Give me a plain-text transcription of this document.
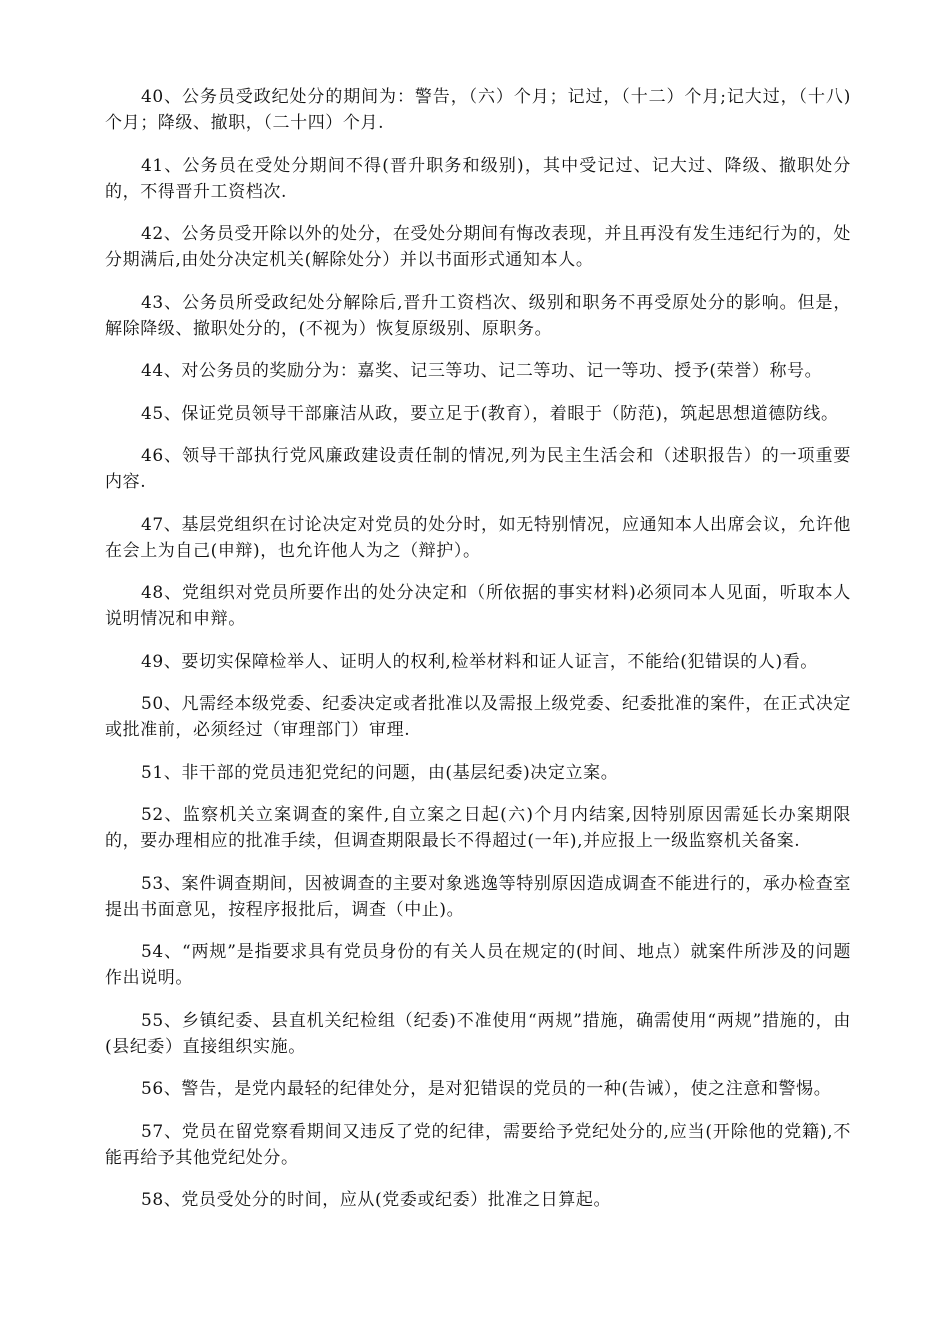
40、公务员受政纪处分的期间为：警告，（六）个月；记过，（十二）个月;记大过，（十八)个月；降级、撤职，（二十四）个月.

41、公务员在受处分期间不得(晋升职务和级别)，其中受记过、记大过、降级、撤职处分的，不得晋升工资档次.

42、公务员受开除以外的处分，在受处分期间有悔改表现，并且再没有发生违纪行为的，处分期满后,由处分决定机关(解除处分）并以书面形式通知本人。

43、公务员所受政纪处分解除后,晋升工资档次、级别和职务不再受原处分的影响。但是，解除降级、撤职处分的，(不视为）恢复原级别、原职务。

44、对公务员的奖励分为：嘉奖、记三等功、记二等功、记一等功、授予(荣誉）称号。

45、保证党员领导干部廉洁从政，要立足于(教育），着眼于（防范)，筑起思想道德防线。

46、领导干部执行党风廉政建设责任制的情况,列为民主生活会和（述职报告）的一项重要内容.

47、基层党组织在讨论决定对党员的处分时，如无特别情况，应通知本人出席会议，允许他在会上为自己(申辩)，也允许他人为之（辩护）。

48、党组织对党员所要作出的处分决定和（所依据的事实材料)必须同本人见面，听取本人说明情况和申辩。

49、要切实保障检举人、证明人的权利,检举材料和证人证言，不能给(犯错误的人)看。

50、凡需经本级党委、纪委决定或者批准以及需报上级党委、纪委批准的案件，在正式决定或批准前，必须经过（审理部门）审理.

51、非干部的党员违犯党纪的问题，由(基层纪委)决定立案。

52、监察机关立案调查的案件,自立案之日起(六)个月内结案,因特别原因需延长办案期限的，要办理相应的批准手续，但调查期限最长不得超过(一年),并应报上一级监察机关备案.

53、案件调查期间，因被调查的主要对象逃逸等特别原因造成调查不能进行的，承办检查室提出书面意见，按程序报批后，调查（中止)。

54、“两规”是指要求具有党员身份的有关人员在规定的(时间、地点）就案件所涉及的问题作出说明。

55、乡镇纪委、县直机关纪检组（纪委)不准使用“两规”措施，确需使用“两规”措施的，由(县纪委）直接组织实施。

56、警告，是党内最轻的纪律处分，是对犯错误的党员的一种(告诫），使之注意和警惕。

57、党员在留党察看期间又违反了党的纪律，需要给予党纪处分的,应当(开除他的党籍),不能再给予其他党纪处分。

58、党员受处分的时间，应从(党委或纪委）批准之日算起。
